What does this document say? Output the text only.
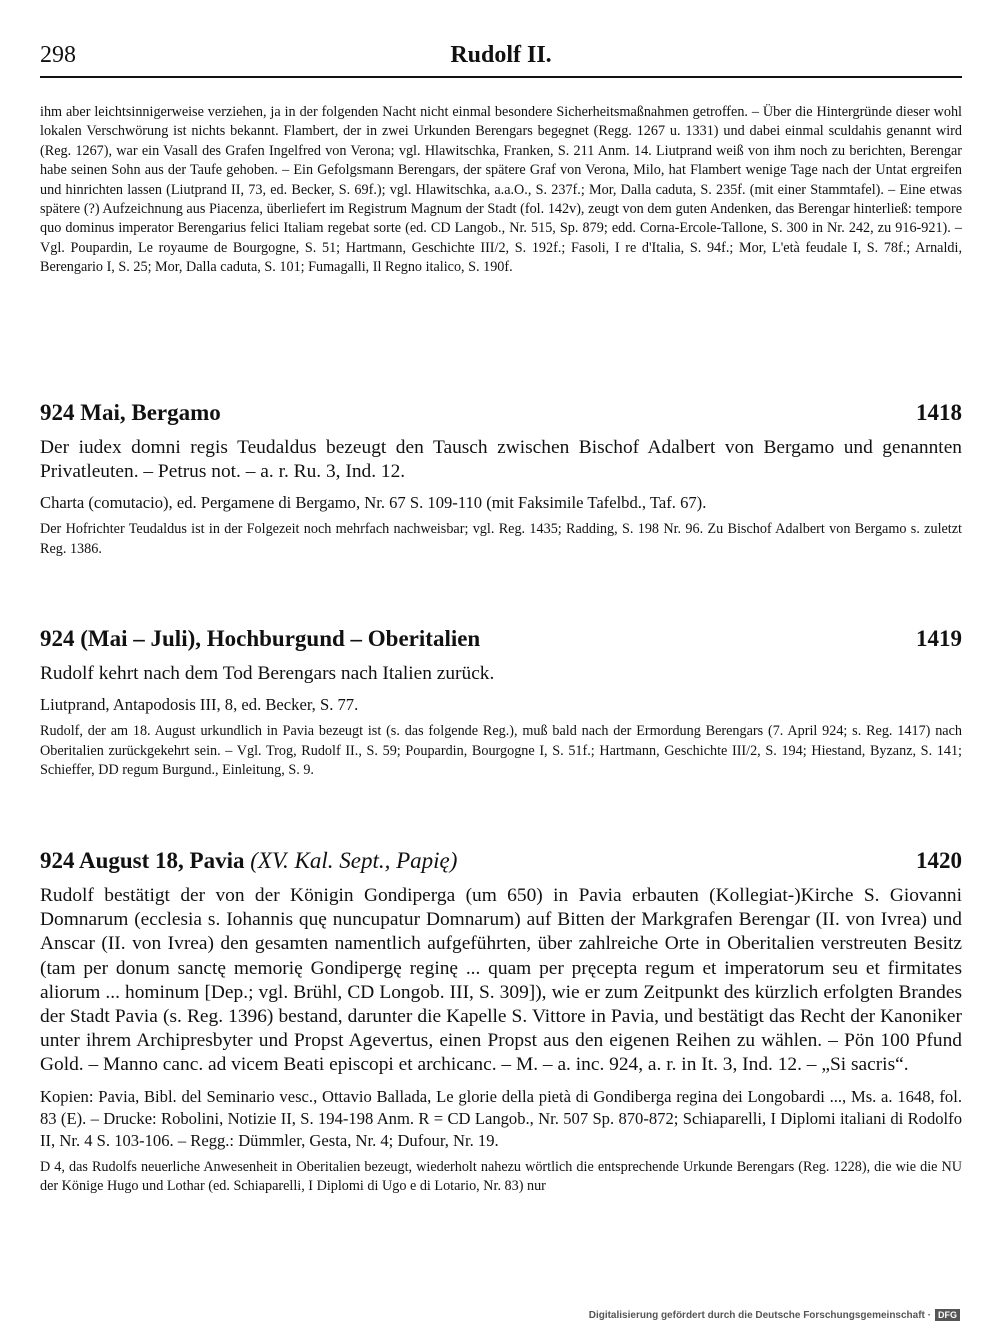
298	Rudolf II.

ihm aber leichtsinnigerweise verziehen, ja in der folgenden Nacht nicht einmal besondere Sicherheitsmaßnahmen getroffen. – Über die Hintergründe dieser wohl lokalen Verschwörung ist nichts bekannt. Flambert, der in zwei Urkunden Berengars begegnet (Regg. 1267 u. 1331) und dabei einmal sculdahis genannt wird (Reg. 1267), war ein Vasall des Grafen Ingelfred von Verona; vgl. Hlawitschka, Franken, S. 211 Anm. 14. Liutprand weiß von ihm noch zu berichten, Berengar habe seinen Sohn aus der Taufe gehoben. – Ein Gefolgsmann Berengars, der spätere Graf von Verona, Milo, hat Flambert wenige Tage nach der Untat ergreifen und hinrichten lassen (Liutprand II, 73, ed. Becker, S. 69f.); vgl. Hlawitschka, a.a.O., S. 237f.; Mor, Dalla caduta, S. 235f. (mit einer Stammtafel). – Eine etwas spätere (?) Aufzeichnung aus Piacenza, überliefert im Registrum Magnum der Stadt (fol. 142v), zeugt von dem guten Andenken, das Berengar hinterließ: tempore quo dominus imperator Berengarius felici Italiam regebat sorte (ed. CD Langob., Nr. 515, Sp. 879; edd. Corna-Ercole-Tallone, S. 300 in Nr. 242, zu 916-921). – Vgl. Poupardin, Le royaume de Bourgogne, S. 51; Hartmann, Geschichte III/2, S. 192f.; Fasoli, I re d'Italia, S. 94f.; Mor, L'età feudale I, S. 78f.; Arnaldi, Berengario I, S. 25; Mor, Dalla caduta, S. 101; Fumagalli, Il Regno italico, S. 190f.

924 Mai, Bergamo	1418

Der iudex domni regis Teudaldus bezeugt den Tausch zwischen Bischof Adalbert von Bergamo und genannten Privatleuten. – Petrus not. – a. r. Ru. 3, Ind. 12.

Charta (comutacio), ed. Pergamene di Bergamo, Nr. 67 S. 109-110 (mit Faksimile Tafelbd., Taf. 67).

Der Hofrichter Teudaldus ist in der Folgezeit noch mehrfach nachweisbar; vgl. Reg. 1435; Radding, S. 198 Nr. 96. Zu Bischof Adalbert von Bergamo s. zuletzt Reg. 1386.

924 (Mai – Juli), Hochburgund – Oberitalien	1419

Rudolf kehrt nach dem Tod Berengars nach Italien zurück.

Liutprand, Antapodosis III, 8, ed. Becker, S. 77.

Rudolf, der am 18. August urkundlich in Pavia bezeugt ist (s. das folgende Reg.), muß bald nach der Ermordung Berengars (7. April 924; s. Reg. 1417) nach Oberitalien zurückgekehrt sein. – Vgl. Trog, Rudolf II., S. 59; Poupardin, Bourgogne I, S. 51f.; Hartmann, Geschichte III/2, S. 194; Hiestand, Byzanz, S. 141; Schieffer, DD regum Burgund., Einleitung, S. 9.

924 August 18, Pavia (XV. Kal. Sept., Papię)	1420

Rudolf bestätigt der von der Königin Gondiperga (um 650) in Pavia erbauten (Kollegiat-)Kirche S. Giovanni Domnarum (ecclesia s. Iohannis quę nuncupatur Domnarum) auf Bitten der Markgrafen Berengar (II. von Ivrea) und Anscar (II. von Ivrea) den gesamten namentlich aufgeführten, über zahlreiche Orte in Oberitalien verstreuten Besitz (tam per donum sanctę memorię Gondipergę reginę ... quam per pręcepta regum et imperatorum seu et firmitates aliorum ... hominum [Dep.; vgl. Brühl, CD Longob. III, S. 309]), wie er zum Zeitpunkt des kürzlich erfolgten Brandes der Stadt Pavia (s. Reg. 1396) bestand, darunter die Kapelle S. Vittore in Pavia, und bestätigt das Recht der Kanoniker unter ihrem Archipresbyter und Propst Agevertus, einen Propst aus den eigenen Reihen zu wählen. – Pön 100 Pfund Gold. – Manno canc. ad vicem Beati episcopi et archicanc. – M. – a. inc. 924, a. r. in It. 3, Ind. 12. – „Si sacris“.

Kopien: Pavia, Bibl. del Seminario vesc., Ottavio Ballada, Le glorie della pietà di Gondiberga regina dei Longobardi ..., Ms. a. 1648, fol. 83 (E). – Drucke: Robolini, Notizie II, S. 194-198 Anm. R = CD Langob., Nr. 507 Sp. 870-872; Schiaparelli, I Diplomi italiani di Rodolfo II, Nr. 4 S. 103-106. – Regg.: Dümmler, Gesta, Nr. 4; Dufour, Nr. 19.

D 4, das Rudolfs neuerliche Anwesenheit in Oberitalien bezeugt, wiederholt nahezu wörtlich die entsprechende Urkunde Berengars (Reg. 1228), die wie die NU der Könige Hugo und Lothar (ed. Schiaparelli, I Diplomi di Ugo e di Lotario, Nr. 83) nur

Digitalisierung gefördert durch die Deutsche Forschungsgemeinschaft · DFG
